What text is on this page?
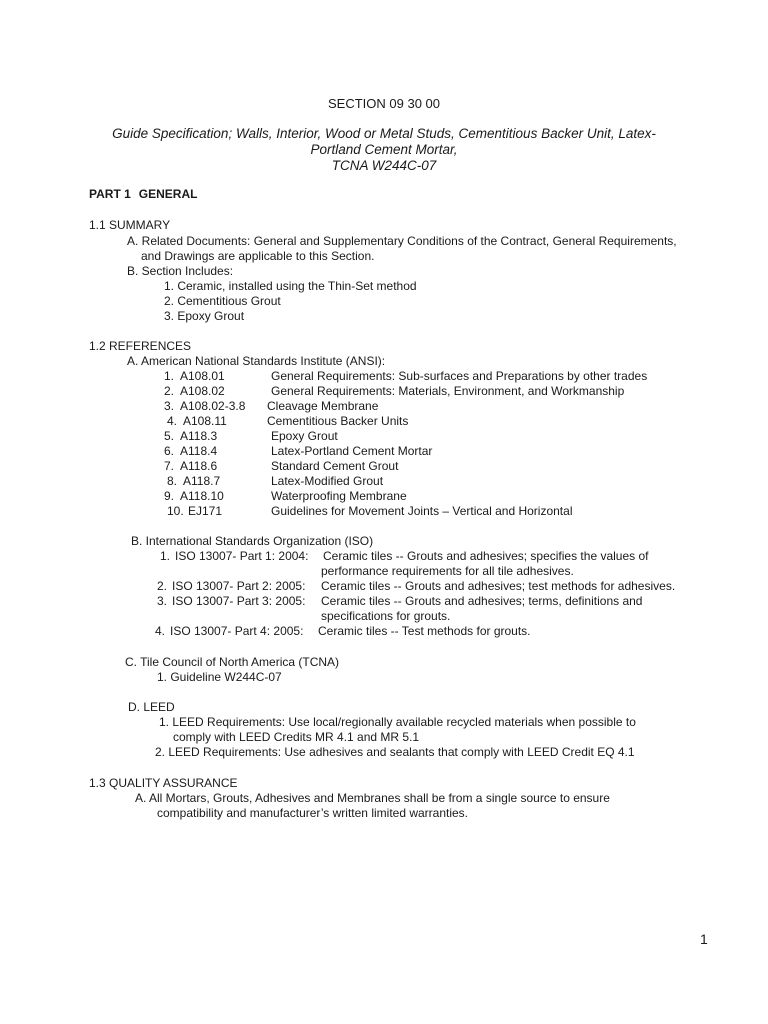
SECTION 09 30 00
Guide Specification; Walls, Interior, Wood or Metal Studs, Cementitious Backer Unit, Latex-
Portland Cement Mortar,
TCNA W244C-07
PART 1 GENERAL
1.1 SUMMARY
A. Related Documents: General and Supplementary Conditions of the Contract, General Requirements,
and Drawings are applicable to this Section.
B. Section Includes:
1. Ceramic, installed using the Thin-Set method
2. Cementitious Grout
3. Epoxy Grout
1.2 REFERENCES
A. American National Standards Institute (ANSI):
1. A108.01	General Requirements: Sub-surfaces and Preparations by other trades
2. A108.02	General Requirements: Materials, Environment, and Workmanship
3. A108.02-3.8 Cleavage Membrane
4. A108.11	Cementitious Backer Units
5. A118.3	Epoxy Grout
6. A118.4	Latex-Portland Cement Mortar
7. A118.6	Standard Cement Grout
8. A118.7	Latex-Modified Grout
9. A118.10	Waterproofing Membrane
10. EJ171	Guidelines for Movement Joints – Vertical and Horizontal
B. International Standards Organization (ISO)
1. ISO 13007- Part 1: 2004: Ceramic tiles -- Grouts and adhesives; specifies the values of
performance requirements for all tile adhesives.
2. ISO 13007- Part 2: 2005: Ceramic tiles -- Grouts and adhesives; test methods for adhesives.
3. ISO 13007- Part 3: 2005: Ceramic tiles -- Grouts and adhesives; terms, definitions and
specifications for grouts.
4. ISO 13007- Part 4: 2005: Ceramic tiles -- Test methods for grouts.
C. Tile Council of North America (TCNA)
1. Guideline W244C-07
D. LEED
1. LEED Requirements: Use local/regionally available recycled materials when possible to
comply with LEED Credits MR 4.1 and MR 5.1
2. LEED Requirements: Use adhesives and sealants that comply with LEED Credit EQ 4.1
1.3 QUALITY ASSURANCE
A. All Mortars, Grouts, Adhesives and Membranes shall be from a single source to ensure
compatibility and manufacturer’s written limited warranties.
1
